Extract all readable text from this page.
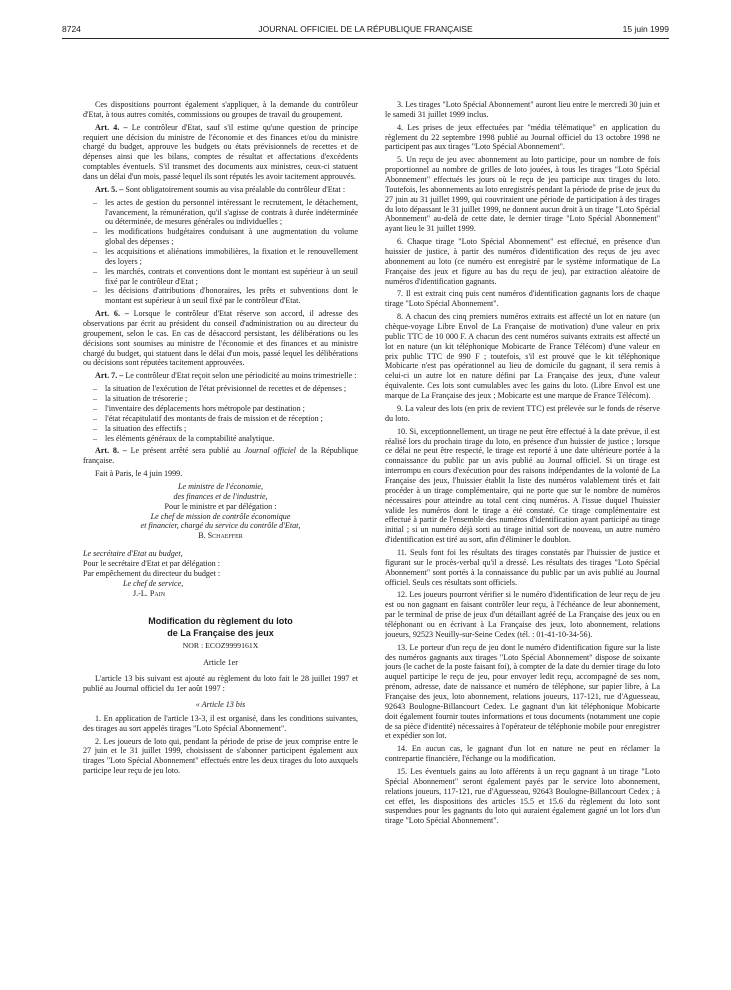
8724	JOURNAL OFFICIEL DE LA RÉPUBLIQUE FRANÇAISE	15 juin 1999

Ces dispositions pourront également s'appliquer, à la demande du contrôleur d'Etat, à tous autres comités, commissions ou groupes de travail du groupement.

Art. 4. – Le contrôleur d'Etat, sauf s'il estime qu'une question de principe requiert une décision du ministre de l'économie et des finances et/ou du ministre chargé du budget, approuve les budgets ou états prévisionnels de recettes et de dépenses ainsi que les bilans, comptes de résultat et affectations d'excédents comptables éventuels. S'il transmet des documents aux ministres, ceux-ci statuent dans un délai d'un mois, passé lequel ils sont réputés les avoir tacitement approuvés.

Art. 5. – Sont obligatoirement soumis au visa préalable du contrôleur d'Etat :

– les actes de gestion du personnel intéressant le recrutement, le détachement, l'avancement, la rémunération, qu'il s'agisse de contrats à durée indéterminée ou déterminée, de mesures générales ou individuelles ;
– les modifications budgétaires conduisant à une augmentation du volume global des dépenses ;
– les acquisitions et aliénations immobilières, la fixation et le renouvellement des loyers ;
– les marchés, contrats et conventions dont le montant est supérieur à un seuil fixé par le contrôleur d'Etat ;
– les décisions d'attributions d'honoraires, les prêts et subventions dont le montant est supérieur à un seuil fixé par le contrôleur d'Etat.

Art. 6. – Lorsque le contrôleur d'Etat réserve son accord, il adresse des observations par écrit au président du conseil d'administration ou au directeur du groupement, selon le cas. En cas de désaccord persistant, les délibérations ou les décisions sont soumises au ministre de l'économie et des finances et au ministre chargé du budget, qui statuent dans le délai d'un mois, passé lequel les délibérations ou décisions sont réputées tacitement approuvées.

Art. 7. – Le contrôleur d'Etat reçoit selon une périodicité au moins trimestrielle :

– la situation de l'exécution de l'état prévisionnel de recettes et de dépenses ;
– la situation de trésorerie ;
– l'inventaire des déplacements hors métropole par destination ;
– l'état récapitulatif des montants de frais de mission et de réception ;
– la situation des effectifs ;
– les éléments généraux de la comptabilité analytique.

Art. 8. – Le présent arrêté sera publié au Journal officiel de la République française.

Fait à Paris, le 4 juin 1999.

Le ministre de l'économie,

des finances et de l'industrie,

Pour le ministre et par délégation :

Le chef de mission de contrôle économique

et financier, chargé du service du contrôle d'Etat,

B. Schaeffer

Le secrétaire d'Etat au budget,

Pour le secrétaire d'Etat et par délégation :

Par empêchement du directeur du budget :

Le chef de service,

J.-L. Pain

Modification du règlement du loto
de La Française des jeux

NOR : ECOZ9999161X

Article 1er

L'article 13 bis suivant est ajouté au règlement du loto fait le 28 juillet 1997 et publié au Journal officiel du 1er août 1997 :

« Article 13 bis

1. En application de l'article 13-3, il est organisé, dans les conditions suivantes, des tirages au sort appelés tirages "Loto Spécial Abonnement".

2. Les joueurs de loto qui, pendant la période de prise de jeux comprise entre le 27 juin et le 31 juillet 1999, choisissent de s'abonner participent également aux tirages "Loto Spécial Abonnement" effectués entre les deux tirages du loto auxquels participe leur reçu de jeu loto.

3. Les tirages "Loto Spécial Abonnement" auront lieu entre le mercredi 30 juin et le samedi 31 juillet 1999 inclus.

4. Les prises de jeux effectuées par "média télématique" en application du règlement du 22 septembre 1998 publié au Journal officiel du 13 octobre 1998 ne participent pas aux tirages "Loto Spécial Abonnement".

5. Un reçu de jeu avec abonnement au loto participe, pour un nombre de fois proportionnel au nombre de grilles de loto jouées, à tous les tirages "Loto Spécial Abonnement" effectués les jours où le reçu de jeu participe aux tirages du loto. Toutefois, les abonnements au loto enregistrés pendant la période de prise de jeux du 27 juin au 31 juillet 1999, qui couvriraient une période de participation à des tirages du loto dépassant le 31 juillet 1999, ne donnent aucun droit à un tirage "Loto Spécial Abonnement" au-delà de cette date, le dernier tirage "Loto Spécial Abonnement" ayant lieu le 31 juillet 1999.

6. Chaque tirage "Loto Spécial Abonnement" est effectué, en présence d'un huissier de justice, à partir des numéros d'identification des reçus de jeu avec abonnement au loto (ce numéro est enregistré par le système informatique de La Française des jeux et figure au bas du reçu de jeu), par extraction aléatoire de numéros d'identification gagnants.

7. Il est extrait cinq puis cent numéros d'identification gagnants lors de chaque tirage "Loto Spécial Abonnement".

8. A chacun des cinq premiers numéros extraits est affecté un lot en nature (un chèque-voyage Libre Envol de La Française de motivation) d'une valeur en prix public TTC de 10 000 F. A chacun des cent numéros suivants extraits est affecté un lot en nature (un kit téléphonique Mobicarte de France Télécom) d'une valeur en prix public TTC de 990 F ; toutefois, s'il est prouvé que le kit téléphonique Mobicarte n'est pas opérationnel au lieu de domicile du gagnant, il sera remis à celui-ci un autre lot en nature défini par La Française des jeux, d'une valeur équivalente. Ces lots sont cumulables avec les gains du loto. (Libre Envol est une marque de La Française des jeux ; Mobicarte est une marque de France Télécom).

9. La valeur des lots (en prix de revient TTC) est prélevée sur le fonds de réserve du loto.

10. Si, exceptionnellement, un tirage ne peut être effectué à la date prévue, il est réalisé lors du prochain tirage du loto, en présence d'un huissier de justice ; lorsque ce délai ne peut être respecté, le tirage est reporté à une date ultérieure portée à la connaissance du public par un avis publié au Journal officiel. Si un tirage est interrompu en cours d'exécution pour des raisons indépendantes de la volonté de La Française des jeux, l'huissier établit la liste des numéros valablement tirés et fait procéder à un tirage complémentaire, qui ne porte que sur le nombre de numéros nécessaires pour atteindre au total cent cinq numéros. A l'issue duquel l'huissier valide les numéros dont le tirage a été constaté. Ce tirage complémentaire est effectué à partir de l'ensemble des numéros d'identification ayant participé au tirage initial ; si un numéro déjà sorti au tirage initial sort de nouveau, un autre numéro d'identification est tiré au sort, afin d'éliminer le doublon.

11. Seuls font foi les résultats des tirages constatés par l'huissier de justice et figurant sur le procès-verbal qu'il a dressé. Les résultats des tirages "Loto Spécial Abonnement" sont portés à la connaissance du public par un avis publié au Journal officiel. Seuls ces résultats sont officiels.

12. Les joueurs pourront vérifier si le numéro d'identification de leur reçu de jeu est ou non gagnant en faisant contrôler leur reçu, à l'échéance de leur abonnement, par le terminal de prise de jeux d'un détaillant agréé de La Française des jeux ou en téléphonant ou en écrivant à La Française des jeux, loto abonnement, relations joueurs, 92523 Neuilly-sur-Seine Cedex (tél. : 01-41-10-34-56).

13. Le porteur d'un reçu de jeu dont le numéro d'identification figure sur la liste des numéros gagnants aux tirages "Loto Spécial Abonnement" dispose de soixante jours (le cachet de la poste faisant foi), à compter de la date du dernier tirage du loto auquel participe le reçu de jeu, pour envoyer ledit reçu, accompagné de ses nom, prénom, adresse, date de naissance et numéro de téléphone, sur papier libre, à La Française des jeux, loto abonnement, relations joueurs, 117-121, rue d'Aguesseau, 92643 Boulogne-Billancourt Cedex. Le gagnant d'un kit téléphonique Mobicarte doit également fournir toutes informations et tous documents (notamment une copie de sa pièce d'identité) nécessaires à l'opérateur de téléphonie mobile pour enregistrer et expédier son lot.

14. En aucun cas, le gagnant d'un lot en nature ne peut en réclamer la contrepartie financière, l'échange ou la modification.

15. Les éventuels gains au loto afférents à un reçu gagnant à un tirage "Loto Spécial Abonnement" seront également payés par le service loto abonnement, relations joueurs, 117-121, rue d'Aguesseau, 92643 Boulogne-Billancourt Cedex ; à cet effet, les dispositions des articles 15.5 et 15.6 du règlement du loto sont suspendues pour les gagnants du loto qui auraient également gagné un lot lors d'un tirage "Loto Spécial Abonnement".
